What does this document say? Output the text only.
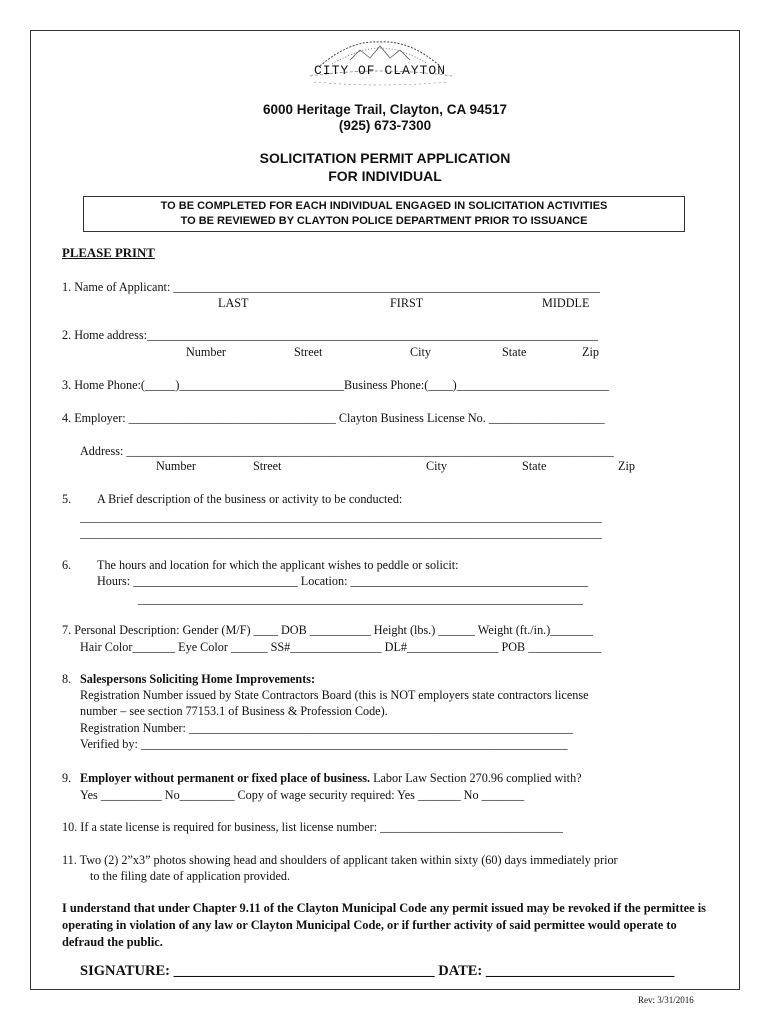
CITY OF CLAYTON
6000 Heritage Trail, Clayton, CA 94517
(925) 673-7300
SOLICITATION PERMIT APPLICATION
FOR INDIVIDUAL
TO BE COMPLETED FOR EACH INDIVIDUAL ENGAGED IN SOLICITATION ACTIVITIES
TO BE REVIEWED BY CLAYTON POLICE DEPARTMENT PRIOR TO ISSUANCE
PLEASE PRINT
1. Name of Applicant: ______________________________________________________________________
LAST	FIRST	MIDDLE
2. Home address:__________________________________________________________________________
Number	Street	City	State	Zip
3. Home Phone:(_____)___________________________Business Phone:(____)_________________________
4. Employer: __________________________________ Clayton Business License No. ___________________
Address: ________________________________________________________________________________
Number	Street	City	State	Zip
5. A Brief description of the business or activity to be conducted:
__________________________________________________________________________________________
__________________________________________________________________________________________
6. The hours and location for which the applicant wishes to peddle or solicit:
Hours: ___________________________ Location: _______________________________________
_________________________________________________________________________
7. Personal Description: Gender (M/F) ____ DOB __________ Height (lbs.) ______ Weight (ft./in.)_______
Hair Color_______ Eye Color ______ SS#_______________ DL#_______________ POB ____________
8. Salespersons Soliciting Home Improvements:
Registration Number issued by State Contractors Board (this is NOT employers state contractors license
number – see section 77153.1 of Business & Profession Code).
Registration Number: _______________________________________________________________
Verified by: ______________________________________________________________________
9. Employer without permanent or fixed place of business. Labor Law Section 270.96 complied with?
Yes __________ No_________ Copy of wage security required: Yes _______ No _______
10. If a state license is required for business, list license number: ______________________________
11. Two (2) 2”x3” photos showing head and shoulders of applicant taken within sixty (60) days immediately prior
to the filing date of application provided.
I understand that under Chapter 9.11 of the Clayton Municipal Code any permit issued may be revoked if the permittee is operating in violation of any law or Clayton Municipal Code, or if further activity of said permittee would operate to defraud the public.
SIGNATURE: ____________________________________ DATE: __________________________
Rev: 3/31/2016
